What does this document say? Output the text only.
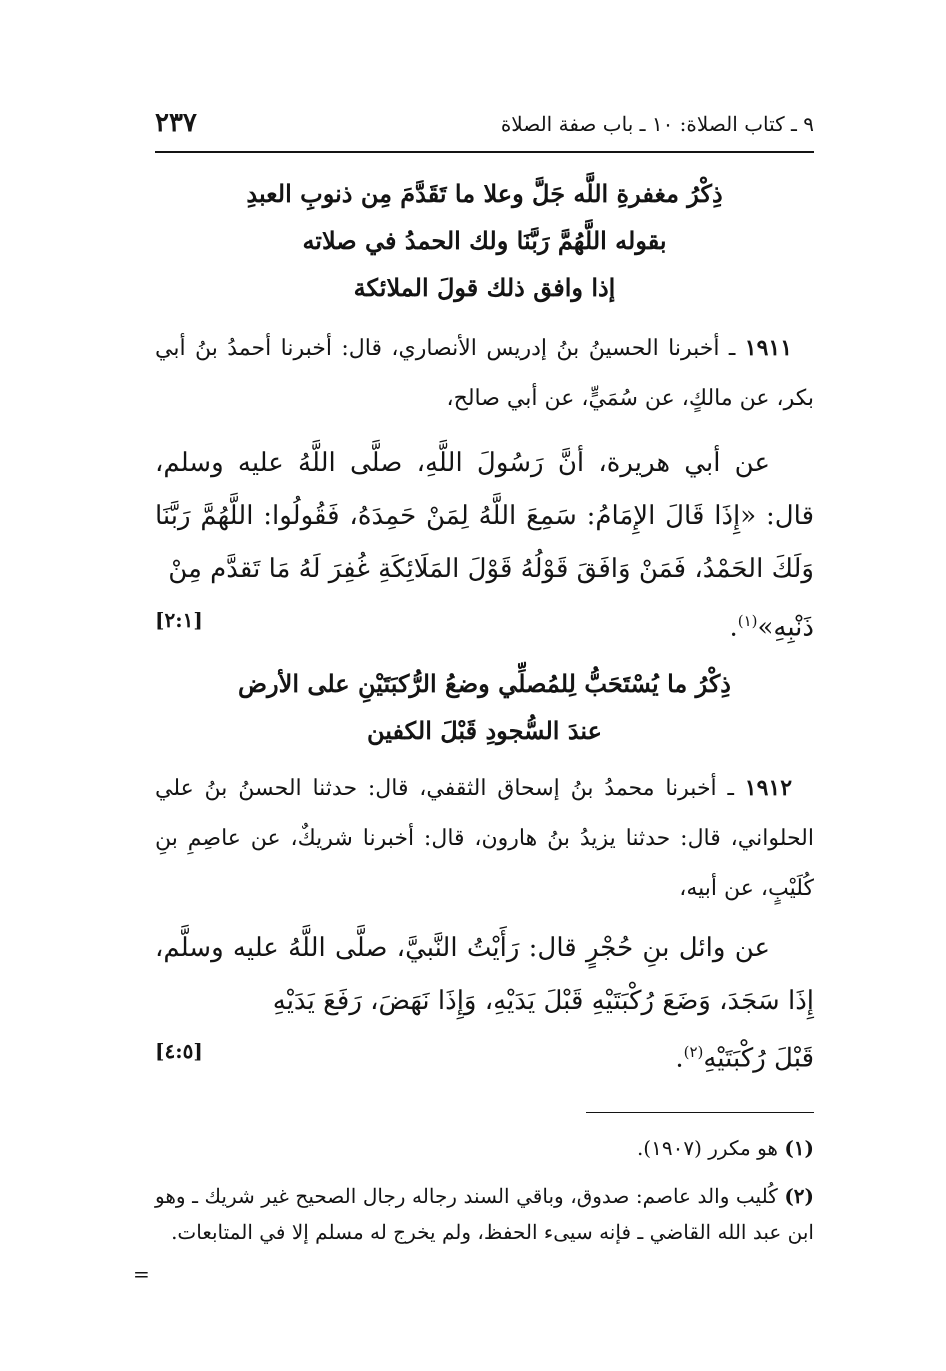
٩ ـ كتاب الصلاة: ١٠ ـ باب صفة الصلاة
٢٣٧
ذِكْرُ مغفرةِ اللَّه جَلَّ وعلا ما تَقَدَّمَ مِن ذنوبِ العبدِ
بقوله اللَّهُمَّ رَبَّنَا ولك الحمدُ في صلاته
إذا وافق ذلك قولَ الملائكة

١٩١١ ـ أخبرنا الحسينُ بنُ إدريس الأنصاري، قال: أخبرنا أحمدُ بنُ أبي بكر، عن مالكٍ، عن سُمَيٍّ، عن أبي صالح،

عن أبي هريرة، أنَّ رَسُولَ اللَّهِ، صلَّى اللَّهُ عليه وسلم، قال: «إِذَا قَالَ الإِمَامُ: سَمِعَ اللَّهُ لِمَنْ حَمِدَهُ، فَقُولُوا: اللَّهُمَّ رَبَّنَا وَلَكَ الحَمْدُ، فَمَنْ وَافَقَ قَوْلُهُ قَوْلَ المَلَائِكَةِ غُفِرَ لَهُ مَا تَقدَّم مِنْ

ذَنْبِهِ»$^{(١)}$.
[٢:١]
ذِكْرُ ما يُسْتَحَبُّ لِلمُصلِّي وضعُ الرُّكبَتَيْنِ على الأرض
عندَ السُّجودِ قَبْلَ الكفين

١٩١٢ ـ أخبرنا محمدُ بنُ إسحاق الثقفي، قال: حدثنا الحسنُ بنُ علي الحلواني، قال: حدثنا يزيدُ بنُ هارون، قال: أخبرنا شريكٌ، عن عاصِمِ بنِ كُلَيْبٍ، عن أبيه،

عن وائل بنِ حُجْرٍ قال: رَأَيْتُ النَّبيَّ، صلَّى اللَّهُ عليه وسلَّم، إِذَا سَجَدَ، وَضَعَ رُكْبَتَيْهِ قَبْلَ يَدَيْهِ، وَإِذَا نَهَضَ، رَفَعَ يَدَيْهِ

قَبْلَ رُكْبَتَيْهِ$^{(٢)}$.
[٤:٥]

(١) هو مكرر (١٩٠٧).

(٢) كُليب والد عاصم: صدوق، وباقي السند رجاله رجال الصحيح غير شريك ـ وهو ابن عبد الله القاضي ـ فإنه سيىء الحفظ، ولم يخرج له مسلم إلا في المتابعات.

=
